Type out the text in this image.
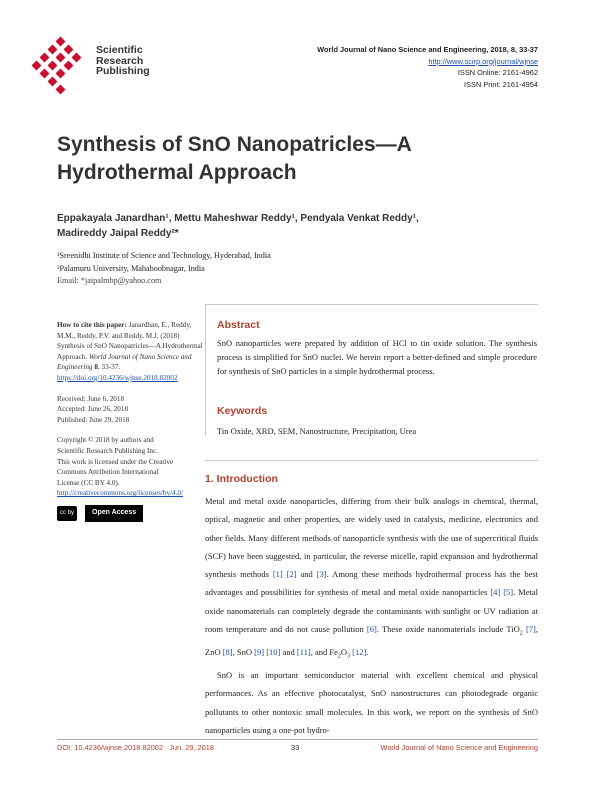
Scientific
Research
Publishing
World Journal of Nano Science and Engineering, 2018, 8, 33-37
http://www.scirp.org/journal/wjnse
ISSN Online: 2161-4962
ISSN Print: 2161-4954
Synthesis of SnO Nanopatricles—A
Hydrothermal Approach
Eppakayala Janardhan¹, Mettu Maheshwar Reddy¹, Pendyala Venkat Reddy¹,
Madireddy Jaipal Reddy²*
¹Sreenidhi Institute of Science and Technology, Hyderabad, India
²Palamuru University, Mahaboobnagar, India
Email: *jaipalmbp@yahoo.com
How to cite this paper: Janardhan, E., Reddy, M.M., Reddy, P.V. and Reddy, M.J. (2018) Synthesis of SnO Nanopatricles—A Hydrothermal Approach. World Journal of Nano Science and Engineering 8, 33-37.
https://doi.org/10.4236/wjnse.2018.82002
Received: June 6, 2018
Accepted: June 26, 2018
Published: June 29, 2018
Copyright © 2018 by authors and
Scientific Research Publishing Inc.
This work is licensed under the Creative
Commons Attribution International
License (CC BY 4.0).
http://creativecommons.org/licenses/by/4.0/
cc by	Open Access
Abstract
SnO nanoparticles were prepared by addition of HCl to tin oxide solution. The synthesis process is simplified for SnO nuclei. We herein report a better-defined and simple procedure for synthesis of SnO particles in a simple hydrothermal process.
Keywords
Tin Oxide, XRD, SEM, Nanostructure, Precipitation, Urea
1. Introduction

Metal and metal oxide nanoparticles, differing from their bulk analogs in chemical, thermal, optical, magnetic and other properties, are widely used in catalysis, medicine, electronics and other fields. Many different methods of nanoparticle synthesis with the use of supercritical fluids (SCF) have been suggested, in particular, the reverse micelle, rapid expansion and hydrothermal synthesis methods [1] [2] and [3]. Among these methods hydrothermal process has the best advantages and possibilities for synthesis of metal and metal oxide nanoparticles [4] [5]. Metal oxide nanomaterials can completely degrade the contaminants with sunlight or UV radiation at room temperature and do not cause pollution [6]. These oxide nanomaterials include TiO$_2$ [7], ZnO [8], SnO [9] [10] and [11], and $Fe_2O_3$ [12].

SnO is an important semiconductor material with excellent chemical and physical performances. As an effective photocatalyst, SnO nanostructures can photodegrade organic pollutants to other nontoxic small molecules. In this work, we report on the synthesis of SnO nanoparticles using a one-pot hydro-

DOI: 10.4236/wjnse.2018.82002 Jun. 29, 2018	33	World Journal of Nano Science and Engineering
